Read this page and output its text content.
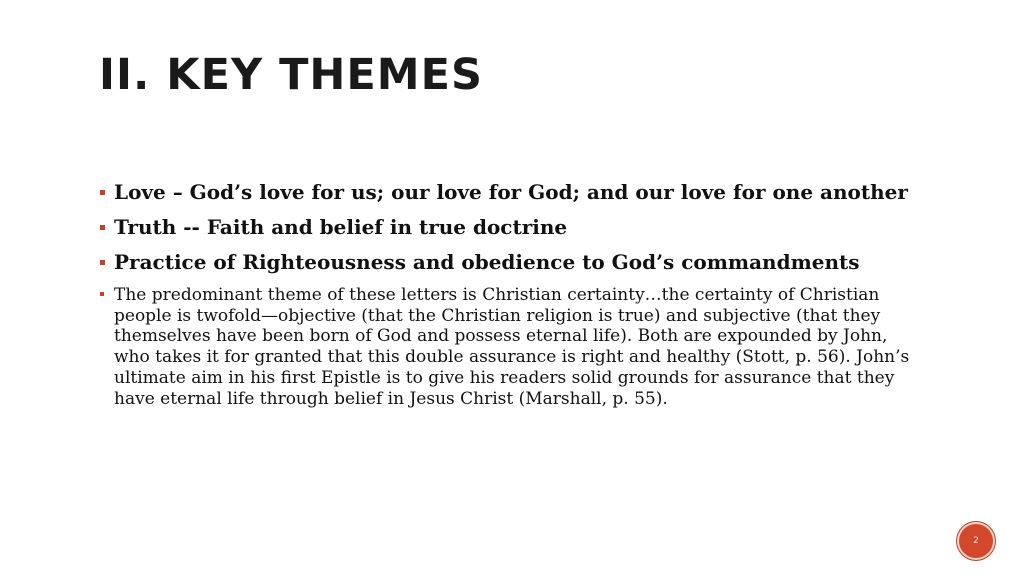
II. KEY THEMES
Love – God’s love for us; our love for God; and our love for one another
Truth -- Faith and belief in true doctrine
Practice of Righteousness and obedience to God’s commandments
The predominant theme of these letters is Christian certainty…the certainty of Christian people is twofold—objective (that the Christian religion is true) and subjective (that they themselves have been born of God and possess eternal life). Both are expounded by John, who takes it for granted that this double assurance is right and healthy (Stott, p. 56). John’s ultimate aim in his first Epistle is to give his readers solid grounds for assurance that they have eternal life through belief in Jesus Christ (Marshall, p. 55).
2
